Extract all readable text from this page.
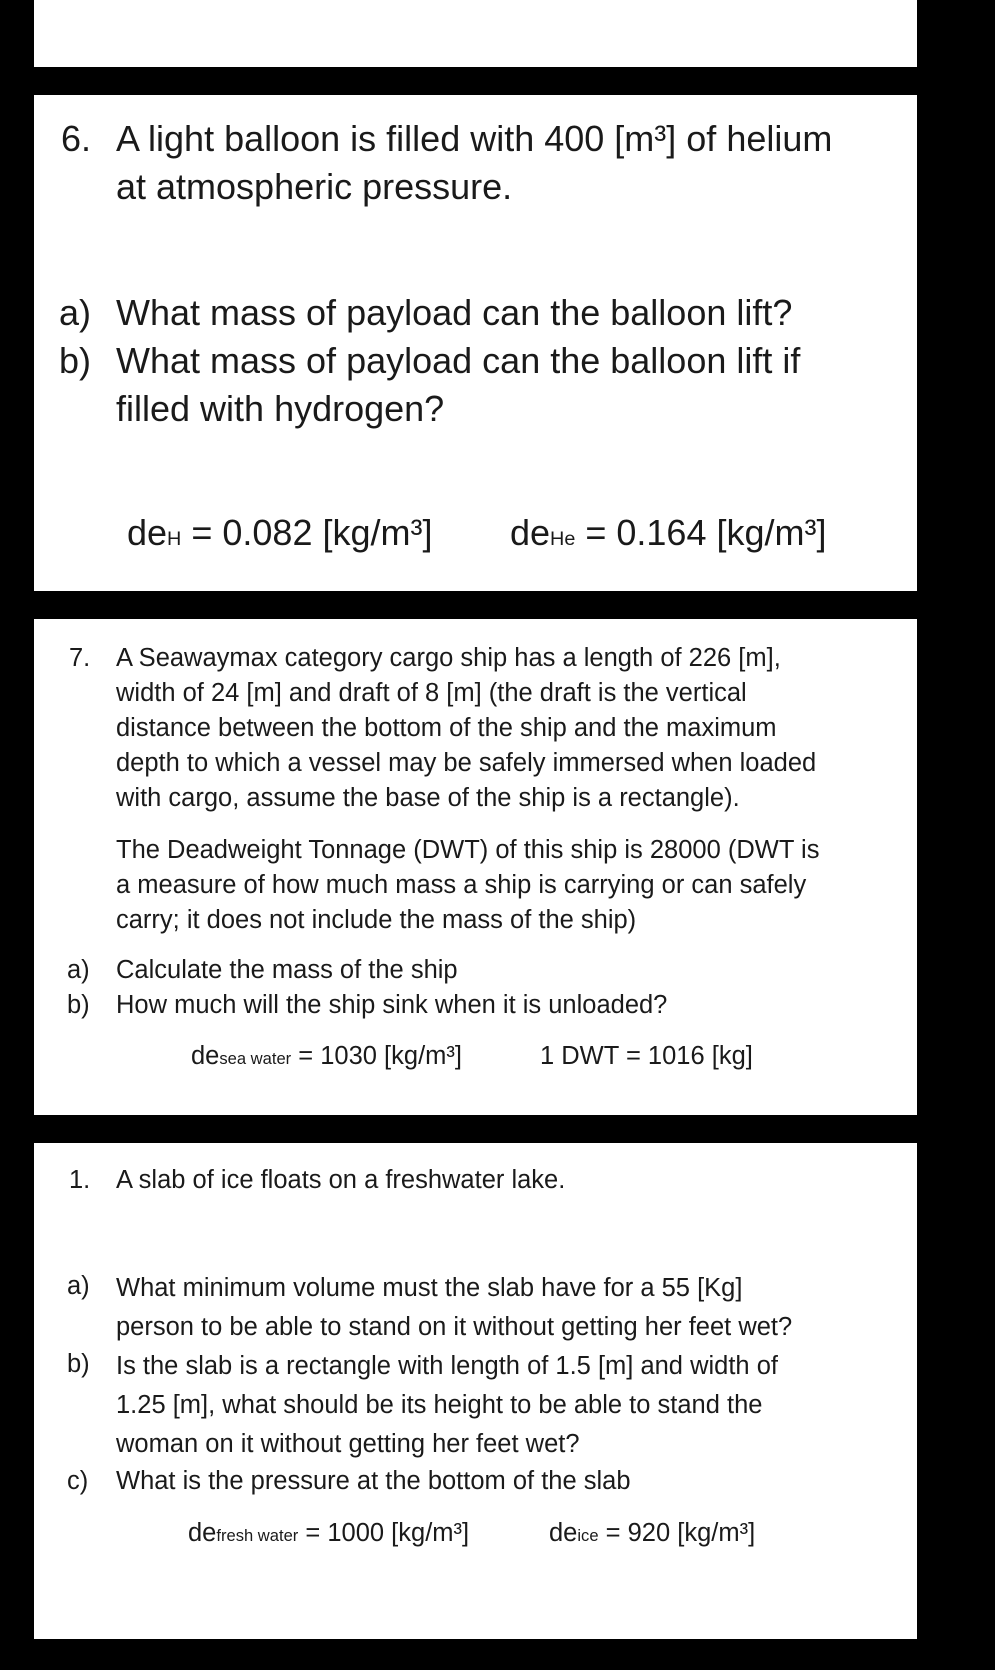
6. A light balloon is filled with 400 [m³] of helium
at atmospheric pressure.
a) What mass of payload can the balloon lift?
b) What mass of payload can the balloon lift if
filled with hydrogen?
deH = 0.082 [kg/m³] deHe = 0.164 [kg/m³]
7. A Seawaymax category cargo ship has a length of 226 [m],
width of 24 [m] and draft of 8 [m] (the draft is the vertical
distance between the bottom of the ship and the maximum
depth to which a vessel may be safely immersed when loaded
with cargo, assume the base of the ship is a rectangle).
The Deadweight Tonnage (DWT) of this ship is 28000 (DWT is
a measure of how much mass a ship is carrying or can safely
carry; it does not include the mass of the ship)
a) Calculate the mass of the ship
b) How much will the ship sink when it is unloaded?
desea water = 1030 [kg/m³]	1 DWT = 1016 [kg]
1. A slab of ice floats on a freshwater lake.
a) What minimum volume must the slab have for a 55 [Kg]
person to be able to stand on it without getting her feet wet?
b) Is the slab is a rectangle with length of 1.5 [m] and width of
1.25 [m], what should be its height to be able to stand the
woman on it without getting her feet wet?
c) What is the pressure at the bottom of the slab
defresh water = 1000 [kg/m³]	deice = 920 [kg/m³]
